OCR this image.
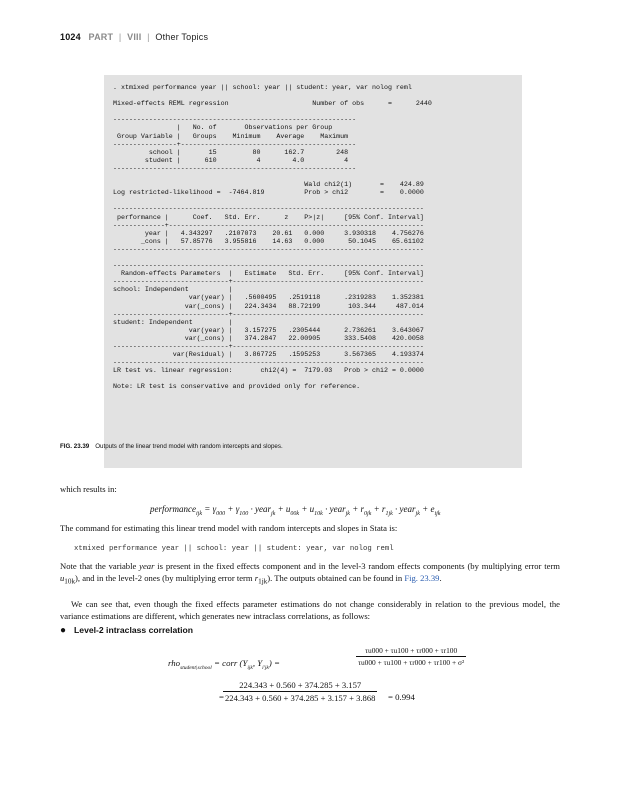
1024 PART | VIII | Other Topics
. xtmixed performance year || school: year || student: year, var nolog reml

Mixed-effects REML regression                     Number of obs      =      2440

-------------------------------------------------------------
|   No. of       Observations per Group
Group Variable |   Groups    Minimum    Average    Maximum
----------------+--------------------------------------------
school |       15         80      162.7        248
student |      610          4        4.0          4
-------------------------------------------------------------

Wald chi2(1)       =    424.89
Log restricted-likelihood =  -7464.819          Prob > chi2        =    0.0000

------------------------------------------------------------------------------
performance |      Coef.   Std. Err.      z    P>|z|     [95% Conf. Interval]
-------------+----------------------------------------------------------------
year |   4.343297   .2107073    20.61   0.000     3.930318    4.756276
_cons |   57.85776   3.955816    14.63   0.000      50.1045    65.61102
------------------------------------------------------------------------------

------------------------------------------------------------------------------
Random-effects Parameters  |   Estimate   Std. Err.     [95% Conf. Interval]
-----------------------------+------------------------------------------------
school: Independent          |
var(year) |   .5600495   .2519118      .2319283    1.352381
var(_cons) |   224.3434   88.72199       103.344     487.014
-----------------------------+------------------------------------------------
student: Independent         |
var(year) |   3.157275   .2305444      2.736261    3.643067
var(_cons) |   374.2847   22.00905      333.5408    420.0058
-----------------------------+------------------------------------------------
var(Residual) |   3.867725   .1595253      3.567365    4.193374
------------------------------------------------------------------------------
LR test vs. linear regression:       chi2(4) =  7179.03   Prob > chi2 = 0.0000

Note: LR test is conservative and provided only for reference.
FIG. 23.39 Outputs of the linear trend model with random intercepts and slopes.
which results in:
performance$_{ijk}$ = $\gamma_{000} + \gamma_{100}$ · year$_{jk}$ + $u_{00k} + u_{10k}$ · year$_{jk}$ + $r_{0jk} + r_{1jk}$ · year$_{jk}$ + $e_{ijk}$
The command for estimating this linear trend model with random intercepts and slopes in Stata is:
xtmixed performance year || school: year || student: year, var nolog reml
Note that the variable year is present in the fixed effects component and in the level-3 random effects components (by multiplying error term $u_{10k}$), and in the level-2 ones (by multiplying error term $r_{1jk}$). The outputs obtained can be found in Fig. 23.39.
We can see that, even though the fixed effects parameter estimations do not change considerably in relation to the previous model, the variance estimations are different, which generates new intraclass correlations, as follows:
● Level-2 intraclass correlation
rho$_{student|school}$ = corr ($Y_{ijk}$, $Y_{i'jk}$) =
τu000 + τu100 + τr000 + τr100
τu000 + τu100 + τr000 + τr100 + σ²
224.343 + 0.560 + 374.285 + 3.157
224.343 + 0.560 + 374.285 + 3.157 + 3.868
=	= 0.994
